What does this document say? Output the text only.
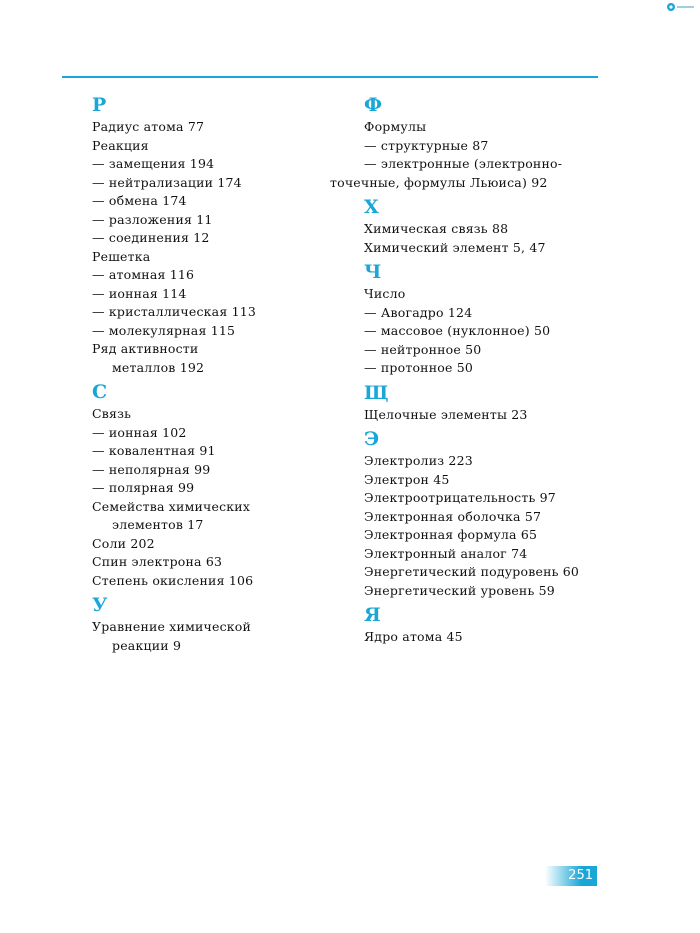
Р
Радиус атома 77
Реакция
— замещения 194
— нейтрализации 174
— обмена 174
— разложения 11
— соединения 12
Решетка
— атомная 116
— ионная 114
— кристаллическая 113
— молекулярная 115
Ряд активности
металлов 192
С
Связь
— ионная 102
— ковалентная 91
— неполярная 99
— полярная 99
Семейства химических
элементов 17
Соли 202
Спин электрона 63
Степень окисления 106
У
Уравнение химической
реакции 9
Ф
Формулы
— структурные 87
— электронные (электронно-
точечные, формулы Льюиса) 92
Х
Химическая связь 88
Химический элемент 5, 47
Ч
Число
— Авогадро 124
— массовое (нуклонное) 50
— нейтронное 50
— протонное 50
Щ
Щелочные элементы 23
Э
Электролиз 223
Электрон 45
Электроотрицательность 97
Электронная оболочка 57
Электронная формула 65
Электронный аналог 74
Энергетический подуровень 60
Энергетический уровень 59
Я
Ядро атома 45
251
